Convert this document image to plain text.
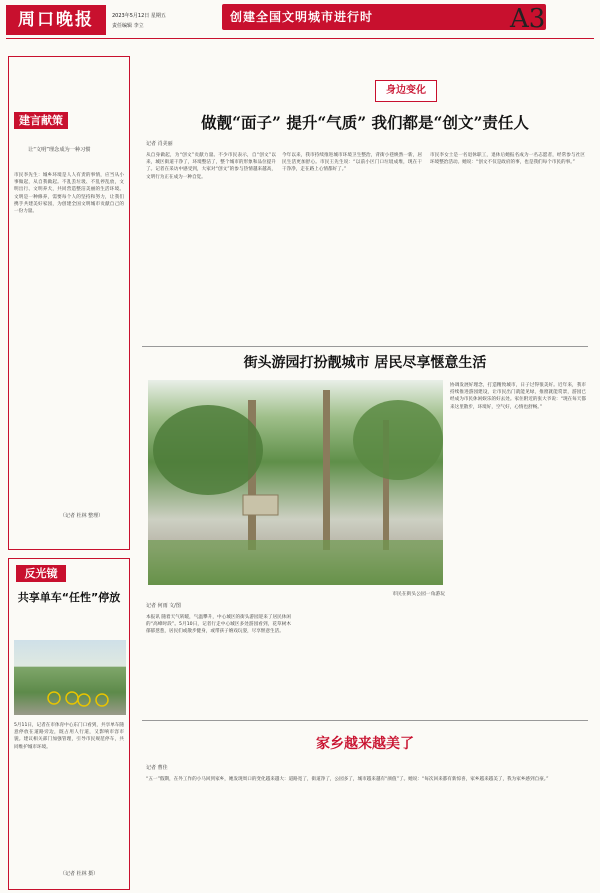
周口晚报	2023年5月12日 星期五
责任编辑 李立
创建全国文明城市进行时	A3
建言献策
让“文明”理念成为一种习惯
市民李先生：城乡环境是人人有责的事情，应当从小事做起，从自我做起。不乱丢垃圾、不乱停乱放，文明出行、文明养犬，共同营造整洁美丽的生活环境。文明是一种修养，需要每个人的坚持和努力，让我们携手共建美好家园，为创建全国文明城市贡献自己的一份力量。
（记者 杜林 整理）
反光镜
共享单车“任性”停放
5月11日，记者在市体育中心东门口看到，共享单车随意停放在道路旁边，既占用人行道，又影响市容市貌。建议相关部门加强管理，引导市民规范停车，共同维护城市环境。
（记者 杜林 摄）
身边变化
做靓“面子” 提升“气质” 我们都是“创文”责任人
记者 肖美丽
从自身做起，为“创文”贡献力量。不少市民表示，自“创文”以来，城区街道干净了，环境整洁了，整个城市的形象和品位提升了。记者在采访中感受到，大家对“创文”的参与热情越来越高，文明行为正在成为一种自觉。
今年以来，我市持续推进城市环境卫生整治，背街小巷焕然一新，居民生活更加舒心。市民王先生说：“以前小区门口垃圾成堆，现在干干净净，走在路上心情都好了。”
市民李女士是一名退休职工，退休后她报名成为一名志愿者，经常参与社区环境整治活动。她说：“创文不仅是政府的事，也是我们每个市民的事。”
街头游园打扮靓城市 居民尽享惬意生活
市民在街头公园一角游玩
协调发展好理念，打造精致城市，日子过得很美好。近年来，我市持续推进游园建设，让市民出门就能见绿，推窗就能赏景，游园已经成为市民休闲娱乐的好去处。家住附近的张大爷说：“现在每天都来这里散步，环境好，空气好，心情也舒畅。”
记者 何雨 文/图
本报讯 随着天气转暖，气温攀升，中心城区的街头游园迎来了居民休闲的“高峰时段”。5月10日，记者行走中心城区多处游园看到，花草树木郁郁葱葱，居民们或散步健身，或带孩子嬉戏玩耍，尽享惬意生活。
家乡越来越美了
记者 曹佳
“五一”假期，在外工作的小马回到家乡，她发现周口的变化越来越大：道路宽了，街道净了，公园多了，城市越来越有“颜值”了。她说：“每次回来都有新惊喜，家乡越来越美了，我为家乡感到自豪。”
